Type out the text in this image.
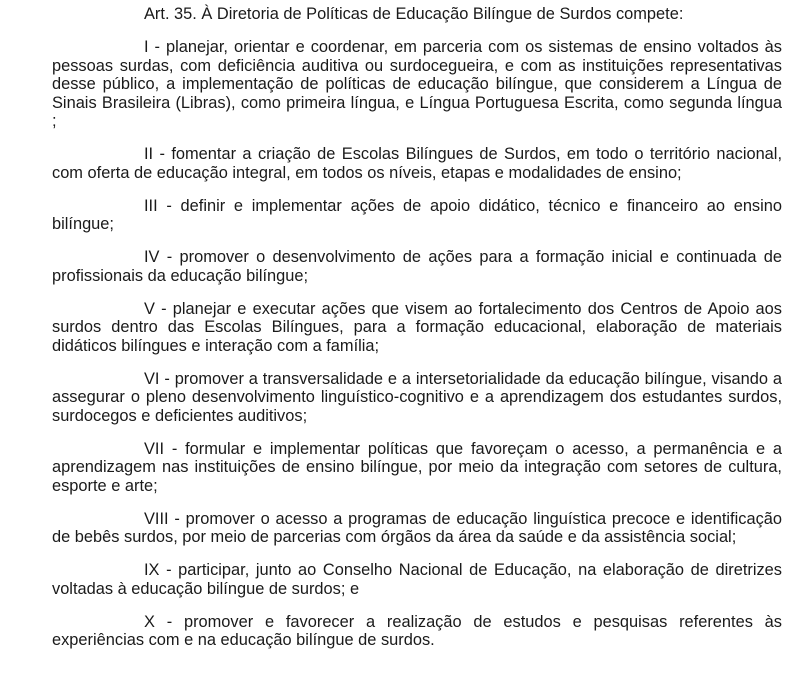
Art. 35. À Diretoria de Políticas de Educação Bilíngue de Surdos compete:

I - planejar, orientar e coordenar, em parceria com os sistemas de ensino voltados às pessoas surdas, com deficiência auditiva ou surdocegueira, e com as instituições representativas desse público, a implementação de políticas de educação bilíngue, que considerem a Língua de Sinais Brasileira (Libras), como primeira língua, e Língua Portuguesa Escrita, como segunda língua ;

II - fomentar a criação de Escolas Bilíngues de Surdos, em todo o território nacional, com oferta de educação integral, em todos os níveis, etapas e modalidades de ensino;

III - definir e implementar ações de apoio didático, técnico e financeiro ao ensino bilíngue;

IV - promover o desenvolvimento de ações para a formação inicial e continuada de profissionais da educação bilíngue;

V - planejar e executar ações que visem ao fortalecimento dos Centros de Apoio aos surdos dentro das Escolas Bilíngues, para a formação educacional, elaboração de materiais didáticos bilíngues e interação com a família;

VI - promover a transversalidade e a intersetorialidade da educação bilíngue, visando a assegurar o pleno desenvolvimento linguístico-cognitivo e a aprendizagem dos estudantes surdos, surdocegos e deficientes auditivos;

VII - formular e implementar políticas que favoreçam o acesso, a permanência e a aprendizagem nas instituições de ensino bilíngue, por meio da integração com setores de cultura, esporte e arte;

VIII - promover o acesso a programas de educação linguística precoce e identificação de bebês surdos, por meio de parcerias com órgãos da área da saúde e da assistência social;

IX - participar, junto ao Conselho Nacional de Educação, na elaboração de diretrizes voltadas à educação bilíngue de surdos; e

X - promover e favorecer a realização de estudos e pesquisas referentes às experiências com e na educação bilíngue de surdos.
